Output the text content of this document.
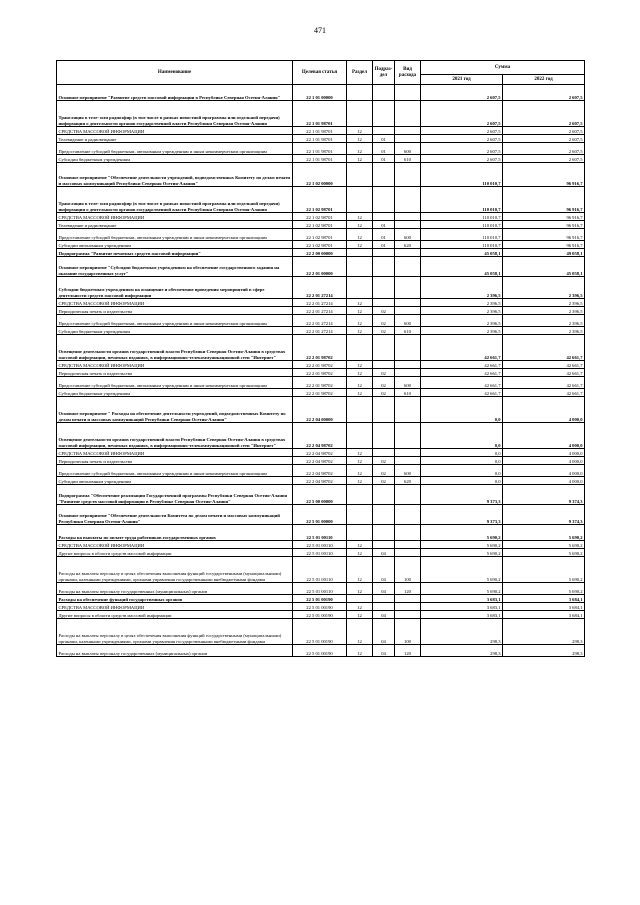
471
Наименование	Целевая статья	Раздел	Подраз-дел	Вид расхода	Сумма	
					2021 год	2022 год
Основное мероприятие "Развитие средств массовой информации в Республике Северная Осетия-Алания"	22 1 01 00000				2 607,5	2 607,5
Трансляция в теле- или радиоэфир (в том числе в рамках новостной программы или отдельной передачи) информации о деятельности органов государственной власти Республики Северная Осетия-Алания	22 1 01 98701				2 607,5	2 607,5
СРЕДСТВА МАССОВОЙ ИНФОРМАЦИИ	22 1 01 98701	12			2 607,5	2 607,5
Телевидение и радиовещание	22 1 01 98701	12	01		2 607,5	2 607,5
Предоставление субсидий бюджетным, автономным учреждениям и иным некоммерческим организациям	22 1 01 98701	12	01	600	2 607,5	2 607,5
Субсидии бюджетным учреждениям	22 1 01 98701	12	01	610	2 607,5	2 607,5
Основное мероприятие "Обеспечение деятельности учреждений, подведомственных Комитету по делам печати и массовых коммуникаций Республики Северная Осетия-Алания"	22 1 02 00000				110 010,7	96 916,7
Трансляция в теле- или радиоэфир (в том числе в рамках новостной программы или отдельной передачи) информации о деятельности органов государственной власти Республики Северная Осетия-Алания	22 1 02 98701				110 010,7	96 916,7
СРЕДСТВА МАССОВОЙ ИНФОРМАЦИИ	22 1 02 98701	12			110 010,7	96 916,7
Телевидение и радиовещание	22 1 02 98701	12	01		110 010,7	96 916,7
Предоставление субсидий бюджетным, автономным учреждениям и иным некоммерческим организациям	22 1 02 98701	12	01	600	110 010,7	96 916,7
Субсидии автономным учреждениям	22 1 02 98701	12	01	620	110 010,7	96 916,7
Подпрограмма "Развитие печатных средств массовой информации"	22 2 00 00000				45 058,1	49 058,1
Основное мероприятие "Субсидии бюджетным учреждениям на обеспечение государственного задания на оказание государственных услуг"	22 2 01 00000				45 058,1	45 058,1
Субсидии бюджетным учреждениям на оснащение и обеспечение проведения мероприятий в сфере деятельности средств массовой информации	22 2 01 27214				2 396,5	2 396,5
СРЕДСТВА МАССОВОЙ ИНФОРМАЦИИ	22 2 01 27214	12			2 396,5	2 396,5
Периодическая печать и издательства	22 2 01 27214	12	02		2 396,5	2 396,5
Предоставление субсидий бюджетным, автономным учреждениям и иным некоммерческим организациям	22 2 01 27214	12	02	600	2 396,5	2 396,5
Субсидии бюджетным учреждениям	22 2 01 27214	12	02	610	2 396,5	2 396,5
Освещение деятельности органов государственной власти Республики Северная Осетия-Алания в средствах массовой информации, печатных изданиях, в информационно-телекоммуникационной сети "Интернет"	22 2 01 98702				42 661,7	42 661,7
СРЕДСТВА МАССОВОЙ ИНФОРМАЦИИ	22 2 01 98702	12			42 661,7	42 661,7
Периодическая печать и издательства	22 2 01 98702	12	02		42 661,7	42 661,7
Предоставление субсидий бюджетным, автономным учреждениям и иным некоммерческим организациям	22 2 01 98702	12	02	600	42 661,7	42 661,7
Субсидии бюджетным учреждениям	22 2 01 98702	12	02	610	42 661,7	42 661,7
Основное мероприятие " Расходы на обеспечение деятельности учреждений, подведомственных Комитету по делам печати и массовых коммуникаций Республики Северная Осетия-Алания"	22 2 04 00000				0,0	4 000,0
Освещение деятельности органов государственной власти Республики Северная Осетия-Алания в средствах массовой информации, печатных изданиях, в информационно-телекоммуникационной сети "Интернет"	22 2 04 98702				0,0	4 000,0
СРЕДСТВА МАССОВОЙ ИНФОРМАЦИИ	22 2 04 98702	12			0,0	4 000,0
Периодическая печать и издательства	22 2 04 98702	12	02		0,0	4 000,0
Предоставление субсидий бюджетным, автономным учреждениям и иным некоммерческим организациям	22 2 04 98702	12	02	600	0,0	4 000,0
Субсидии автономным учреждениям	22 2 04 98702	12	02	620	0,0	4 000,0
Подпрограмма "Обеспечение реализации Государственной программы Республики Северная Осетия-Алания "Развитие средств массовой информации в Республике Северная Осетия-Алания"	22 5 00 00000				9 373,3	9 374,3
Основное мероприятие "Обеспечение деятельности Комитета по делам печати и массовых коммуникаций Республики Северная Осетия-Алания"	22 5 01 00000				9 373,3	9 374,3
Расходы на выплаты по оплате труда работников государственных органов	22 5 01 00110				5 690,2	5 690,2
СРЕДСТВА МАССОВОЙ ИНФОРМАЦИИ	22 5 01 00110	12			5 690,2	5 690,2
Другие вопросы в области средств массовой информации	22 5 01 00110	12	04		5 690,2	5 690,2
Расходы на выплаты персоналу в целях обеспечения выполнения функций государственными (муниципальными) органами, казенными учреждениями, органами управления государственными внебюджетными фондами	22 5 01 00110	12	04	100	5 690,2	5 690,2
Расходы на выплаты персоналу государственных (муниципальных) органов	22 5 01 00110	12	04	120	5 690,2	5 690,2
Расходы на обеспечение функций государственных органов	22 5 01 00190				3 683,1	3 684,1
СРЕДСТВА МАССОВОЙ ИНФОРМАЦИИ	22 5 01 00190	12			3 683,1	3 684,1
Другие вопросы в области средств массовой информации	22 5 01 00190	12	04		3 683,1	3 684,1
Расходы на выплаты персоналу в целях обеспечения выполнения функций государственными (муниципальными) органами, казенными учреждениями, органами управления государственными внебюджетными фондами	22 5 01 00190	12	04	100	298,3	298,3
Расходы на выплаты персоналу государственных (муниципальных) органов	22 5 01 00190	12	04	120	298,3	298,3
